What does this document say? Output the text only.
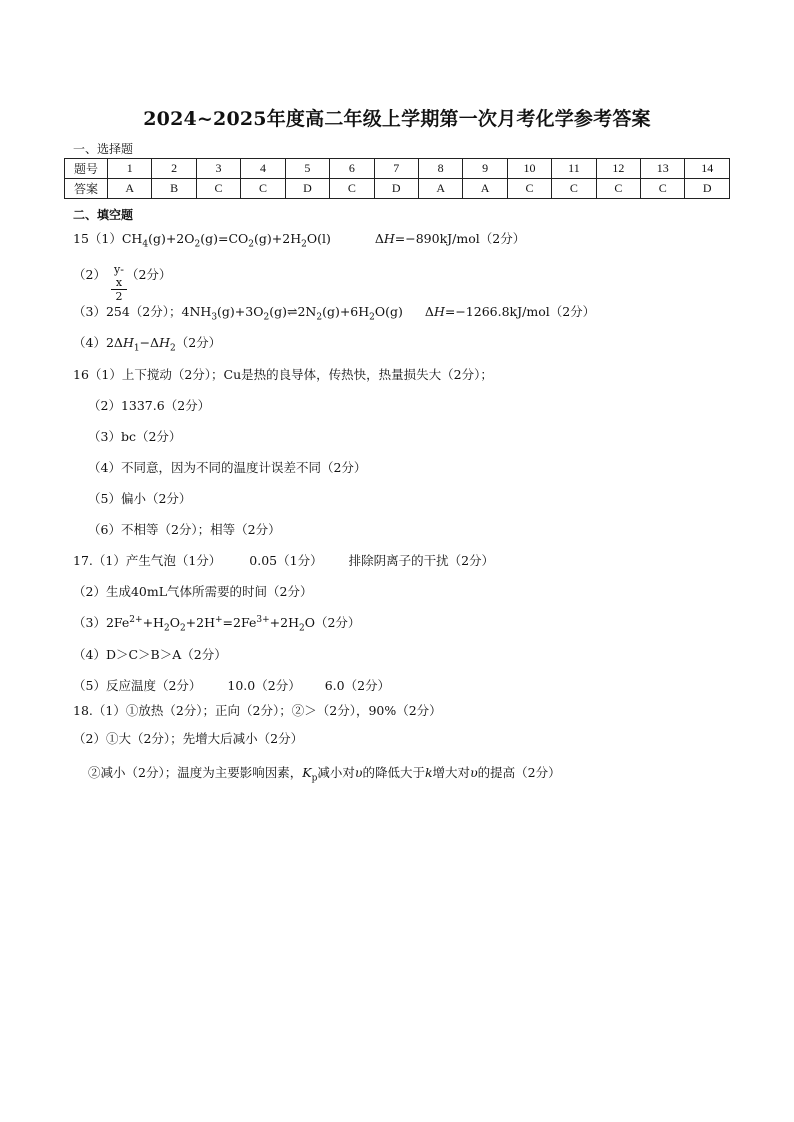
2024~2025年度高二年级上学期第一次月考化学参考答案
一、选择题
题号	1	2	3	4	5	6	7	8	9	10	11	12	13	14
答案	A	B	C	C	D	C	D	A	A	C	C	C	C	D
二、填空题
$15(1)CH_4(g)+2O_2(g)=CO_2(g)+2H_2O(l)$	ΔH=−890kJ/mol（2分）
（2） （2分）
$\frac{y-x}{2}$
（3）254（2分）；$4NH_3(g)+3O_2(g)\rightleftharpoons 2N_2(g)+6H_2O(g)$ ΔH=−1266.8kJ/mol（2分）
$(4)2\Delta H_1-\Delta H_2(2$分）
16（1）上下搅动（2分）；Cu是热的良导体，传热快，热量损失大（2分）；
（2）1337.6（2分）
（3）bc（2分）
（4）不同意，因为不同的温度计误差不同（2分）
（5）偏小（2分）
（6）不相等（2分）；相等（2分）
17.（1）产生气泡（1分） 0.05（1分） 排除阴离子的干扰（2分）
（2）生成40mL气体所需要的时间（2分）
$(3)2Fe^{2+}+H_2O_2+2H^+=2Fe^{3+}+2H_2O(2$分）
（4）D＞C＞B＞A（2分）
（5）反应温度（2分） 10.0（2分） 6.0（2分）
18.（1）①放热（2分）；正向（2分）；②＞（2分），90%（2分）
（2）①大（2分）；先增大后减小（2分）
②减小（2分）；温度为主要影响因素，$K_p$减小对υ的降低大于k增大对υ的提高（2分）
